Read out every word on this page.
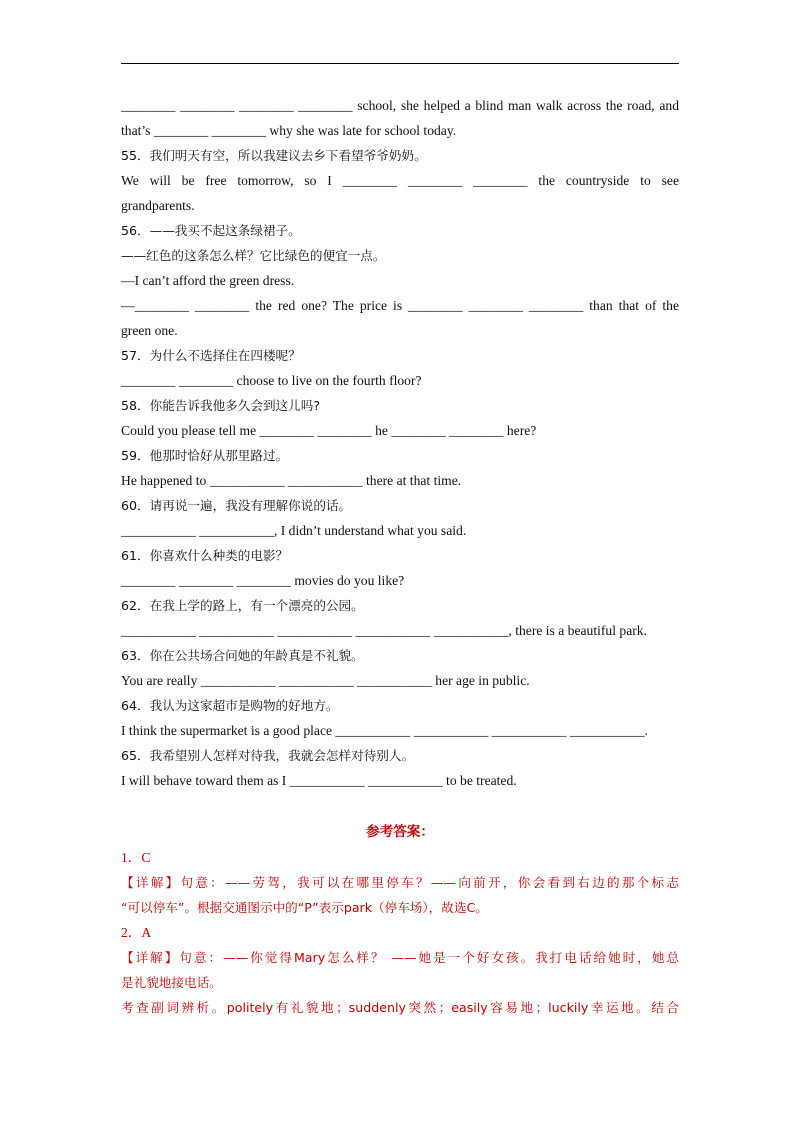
________ ________ ________ ________ school, she helped a blind man walk across the road, and
that’s ________ ________ why she was late for school today.
55．我们明天有空，所以我建议去乡下看望爷爷奶奶。
We will be free tomorrow, so I ________ ________ ________ the countryside to see
grandparents.
56．——我买不起这条绿裙子。
——红色的这条怎么样？它比绿色的便宜一点。
—I can’t afford the green dress.
—________ ________ the red one? The price is ________ ________ ________ than that of the
green one.
57．为什么不选择住在四楼呢？
________ ________ choose to live on the fourth floor?
58．你能告诉我他多久会到这儿吗?
Could you please tell me ________ ________ he ________ ________ here?
59．他那时恰好从那里路过。
He happened to ___________ ___________ there at that time.
60．请再说一遍，我没有理解你说的话。
___________ ___________, I didn’t understand what you said.
61．你喜欢什么种类的电影？
________ ________ ________ movies do you like?
62．在我上学的路上，有一个漂亮的公园。
___________ ___________ ___________ ___________ ___________, there is a beautiful park.
63．你在公共场合问她的年龄真是不礼貌。
You are really ___________ ___________ ___________ her age in public.
64．我认为这家超市是购物的好地方。
I think the supermarket is a good place ___________ ___________ ___________ ___________.
65．我希望别人怎样对待我，我就会怎样对待别人。
I will behave toward them as I ___________ ___________ to be treated.
参考答案：
1．C
【详解】句意：——劳驾，我可以在哪里停车？——向前开，你会看到右边的那个标志
“可以停车”。根据交通图示中的“P”表示park（停车场），故选C。
2．A
【详解】句意：——你觉得Mary怎么样？ ——她是一个好女孩。我打电话给她时，她总
是礼貌地接电话。
考查副词辨析。politely有礼貌地；suddenly突然；easily容易地；luckily幸运地。结合
